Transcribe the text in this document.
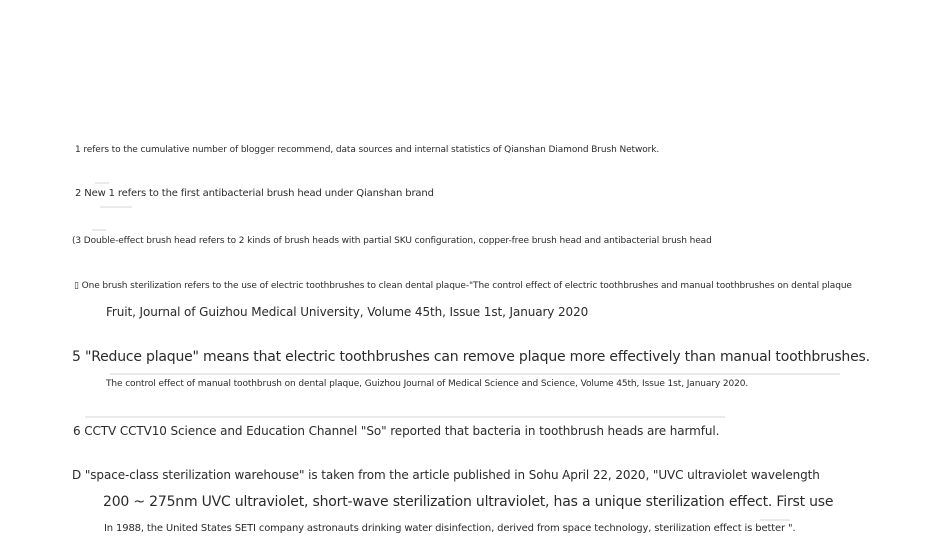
1 refers to the cumulative number of blogger recommend, data sources and internal statistics of Qianshan Diamond Brush Network.
2 New 1 refers to the first antibacterial brush head under Qianshan brand
(3 Double-effect brush head refers to 2 kinds of brush heads with partial SKU configuration, copper-free brush head and antibacterial brush head
▯ One brush sterilization refers to the use of electric toothbrushes to clean dental plaque-"The control effect of electric toothbrushes and manual toothbrushes on dental plaque
Fruit, Journal of Guizhou Medical University, Volume 45th, Issue 1st, January 2020
5 "Reduce plaque" means that electric toothbrushes can remove plaque more effectively than manual toothbrushes.
The control effect of manual toothbrush on dental plaque, Guizhou Journal of Medical Science and Science, Volume 45th, Issue 1st, January 2020.
6 CCTV CCTV10 Science and Education Channel "So" reported that bacteria in toothbrush heads are harmful.
D "space-class sterilization warehouse" is taken from the article published in Sohu April 22, 2020, "UVC ultraviolet wavelength
200 ~ 275nm UVC ultraviolet, short-wave sterilization ultraviolet, has a unique sterilization effect. First use
In 1988, the United States SETI company astronauts drinking water disinfection, derived from space technology, sterilization effect is better ".
